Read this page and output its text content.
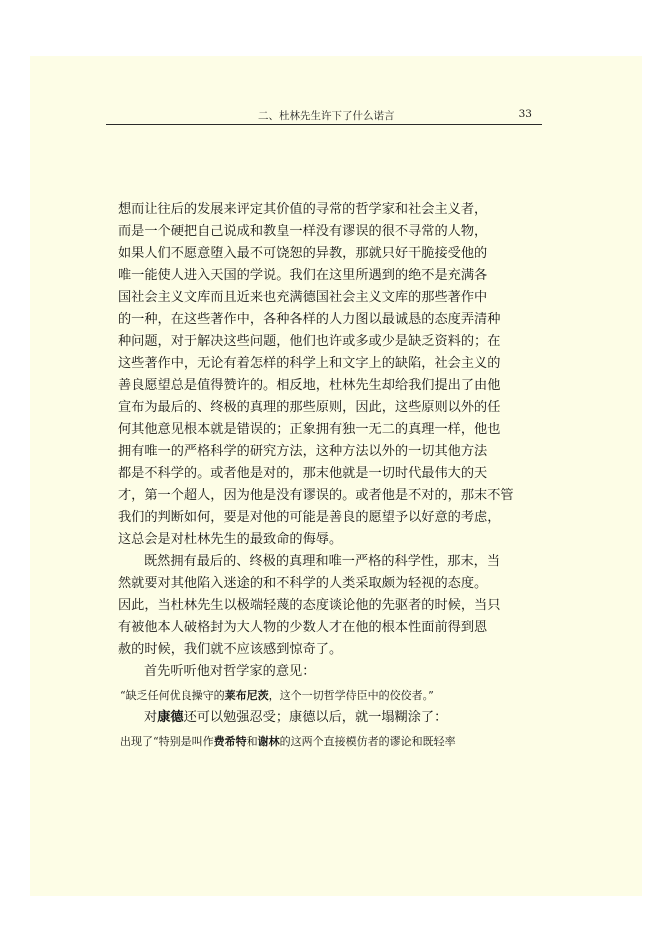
二、杜林先生许下了什么诺言	33
想而让往后的发展来评定其价值的寻常的哲学家和社会主义者，
而是一个硬把自己说成和教皇一样没有谬误的很不寻常的人物，
如果人们不愿意堕入最不可饶恕的异教，那就只好干脆接受他的
唯一能使人进入天国的学说。我们在这里所遇到的绝不是充满各
国社会主义文库而且近来也充满德国社会主义文库的那些著作中
的一种，在这些著作中，各种各样的人力图以最诚恳的态度弄清种
种问题，对于解决这些问题，他们也许或多或少是缺乏资料的；在
这些著作中，无论有着怎样的科学上和文字上的缺陷，社会主义的
善良愿望总是值得赞许的。相反地，杜林先生却给我们提出了由他
宣布为最后的、终极的真理的那些原则，因此，这些原则以外的任
何其他意见根本就是错误的；正象拥有独一无二的真理一样，他也
拥有唯一的严格科学的研究方法，这种方法以外的一切其他方法
都是不科学的。或者他是对的，那末他就是一切时代最伟大的天
才，第一个超人，因为他是没有谬误的。或者他是不对的，那末不管
我们的判断如何，要是对他的可能是善良的愿望予以好意的考虑，
这总会是对杜林先生的最致命的侮辱。
既然拥有最后的、终极的真理和唯一严格的科学性，那末，当
然就要对其他陷入迷途的和不科学的人类采取颇为轻视的态度。
因此，当杜林先生以极端轻蔑的态度谈论他的先驱者的时候，当只
有被他本人破格封为大人物的少数人才在他的根本性面前得到恩
赦的时候，我们就不应该感到惊奇了。
首先听听他对哲学家的意见：
“缺乏任何优良操守的莱布尼茨，这个一切哲学侍臣中的佼佼者。”
对康德还可以勉强忍受；康德以后，就一塌糊涂了：
出现了“特别是叫作费希特和谢林的这两个直接模仿者的谬论和既轻率
